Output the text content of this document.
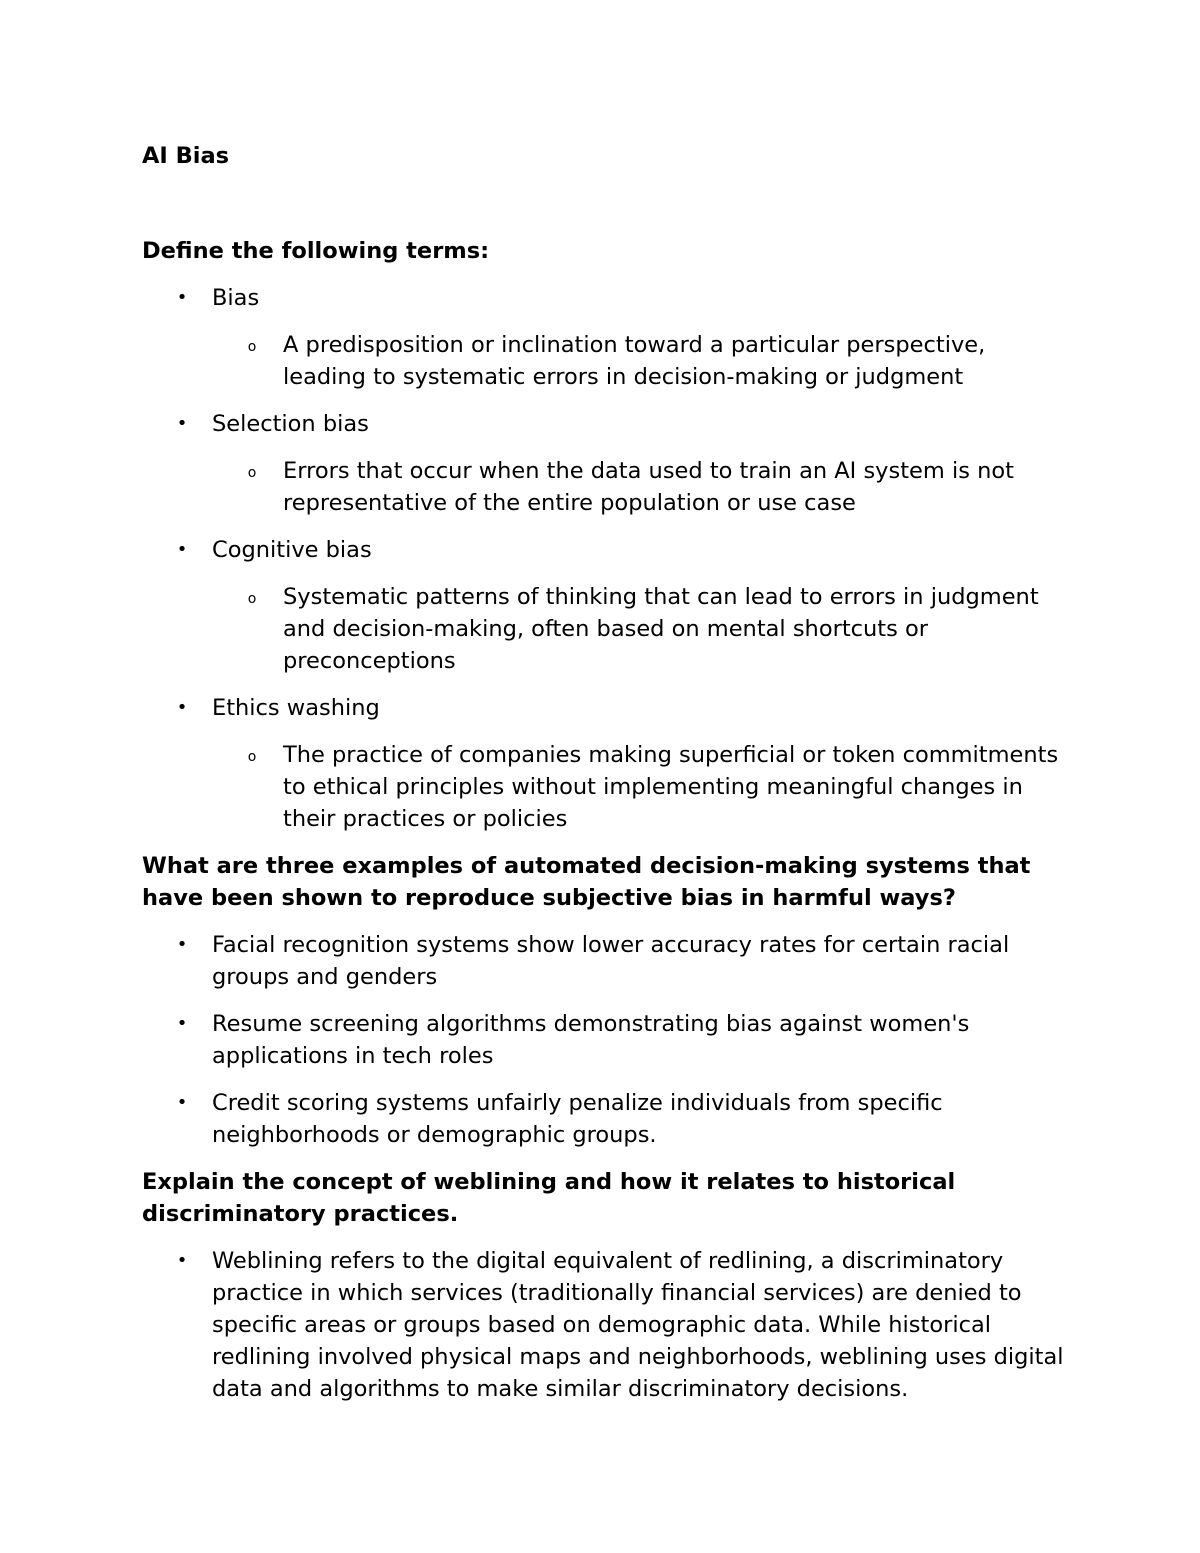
AI Bias
Define the following terms:
• Bias
o	A predisposition or inclination toward a particular perspective, leading to systematic errors in decision-making or judgment
• Selection bias
o	Errors that occur when the data used to train an AI system is not representative of the entire population or use case
• Cognitive bias
o	Systematic patterns of thinking that can lead to errors in judgment and decision-making, often based on mental shortcuts or preconceptions
• Ethics washing
o	The practice of companies making superficial or token commitments to ethical principles without implementing meaningful changes in their practices or policies
What are three examples of automated decision-making systems that have been shown to reproduce subjective bias in harmful ways?
• Facial recognition systems show lower accuracy rates for certain racial groups and genders
• Resume screening algorithms demonstrating bias against women's applications in tech roles
• Credit scoring systems unfairly penalize individuals from specific neighborhoods or demographic groups.
Explain the concept of weblining and how it relates to historical discriminatory practices.
• Weblining refers to the digital equivalent of redlining, a discriminatory practice in which services (traditionally financial services) are denied to specific areas or groups based on demographic data. While historical redlining involved physical maps and neighborhoods, weblining uses digital data and algorithms to make similar discriminatory decisions.
